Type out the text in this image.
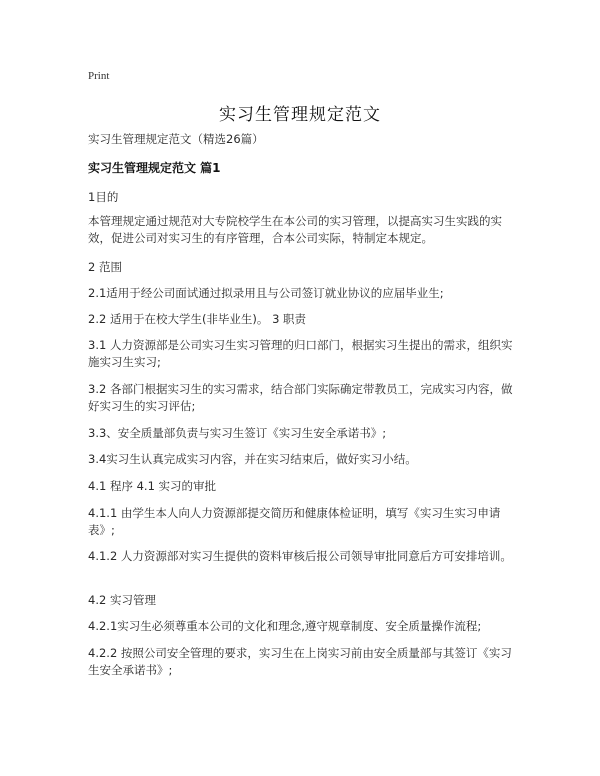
Print
实习生管理规定范文
实习生管理规定范文（精选26篇）
实习生管理规定范文 篇1
1目的
本管理规定通过规范对大专院校学生在本公司的实习管理，以提高实习生实践的实效，促进公司对实习生的有序管理，合本公司实际，特制定本规定。
2 范围
2.1适用于经公司面试通过拟录用且与公司签订就业协议的应届毕业生;
2.2 适用于在校大学生(非毕业生)。 3 职责
3.1 人力资源部是公司实习生实习管理的归口部门，根据实习生提出的需求，组织实施实习生实习;
3.2 各部门根据实习生的实习需求，结合部门实际确定带教员工，完成实习内容，做好实习生的实习评估;
3.3、安全质量部负责与实习生签订《实习生安全承诺书》;
3.4实习生认真完成实习内容，并在实习结束后，做好实习小结。
4.1 程序 4.1 实习的审批
4.1.1 由学生本人向人力资源部提交简历和健康体检证明，填写《实习生实习申请表》;
4.1.2 人力资源部对实习生提供的资料审核后报公司领导审批同意后方可安排培训。
4.2 实习管理
4.2.1实习生必须尊重本公司的文化和理念,遵守规章制度、安全质量操作流程;
4.2.2 按照公司安全管理的要求，实习生在上岗实习前由安全质量部与其签订《实习生安全承诺书》;
